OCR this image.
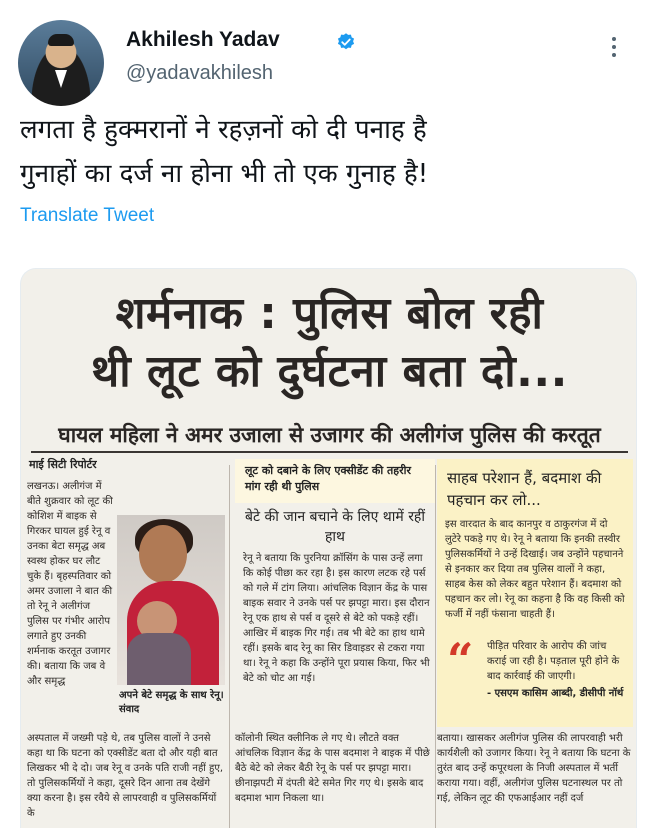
Akhilesh Yadav
@yadavakhilesh
लगता है हुक्मरानों ने रहज़नों को दी पनाह है
गुनाहों का दर्ज ना होना भी तो एक गुनाह है!
Translate Tweet
शर्मनाक : पुलिस बोल रही
थी लूट को दुर्घटना बता दो...
घायल महिला ने अमर उजाला से उजागर की अलीगंज पुलिस की करतूत
माई सिटी रिपोर्टर

लखनऊ। अलीगंज में बीते शुक्रवार को लूट की कोशिश में बाइक से गिरकर घायल हुई रेनू व उनका बेटा समृद्ध अब स्वस्थ होकर घर लौट चुके हैं। बृहस्पतिवार को अमर उजाला ने बात की तो रेनू ने अलीगंज पुलिस पर गंभीर आरोप लगाते हुए उनकी शर्मनाक करतूत उजागर की। बताया कि जब वे और समृद्ध

अपने बेटे समृद्ध के साथ रेनू। संवाद
अस्पताल में जख्मी पड़े थे, तब पुलिस वालों ने उनसे कहा था कि घटना को एक्सीडेंट बता दो और यही बात लिखकर भी दे दो। जब रेनू व उनके पति राजी नहीं हुए, तो पुलिसकर्मियों ने कहा, दूसरे दिन आना तब देखेंगे क्या करना है। इस रवैये से लापरवाही व पुलिसकर्मियों के
लूट को दबाने के लिए एक्सीडेंट की तहरीर मांग रही थी पुलिस
बेटे की जान बचाने के लिए थामें रहीं हाथ
रेनू ने बताया कि पुरनिया क्रॉसिंग के पास उन्हें लगा कि कोई पीछा कर रहा है। इस कारण लटक रहे पर्स को गले में टांग लिया। आंचलिक विज्ञान केंद्र के पास बाइक सवार ने उनके पर्स पर झपट्टा मारा। इस दौरान रेनू एक हाथ से पर्स व दूसरे से बेटे को पकड़े रहीं। आखिर में बाइक गिर गई। तब भी बेटे का हाथ थामे रहीं। इसके बाद रेनू का सिर डिवाइडर से टकरा गया था। रेनू ने कहा कि उन्होंने पूरा प्रयास किया, फिर भी बेटे को चोट आ गई।
कॉलोनी स्थित क्लीनिक ले गए थे। लौटते वक्त आंचलिक विज्ञान केंद्र के पास बदमाश ने बाइक में पीछे बैठे बेटे को लेकर बैठी रेनू के पर्स पर झपट्टा मारा। छीनाझपटी में दंपती बेटे समेत गिर गए थे। इसके बाद बदमाश भाग निकला था।
साहब परेशान हैं, बदमाश की पहचान कर लो...
इस वारदात के बाद कानपुर व ठाकुरगंज में दो लुटेरे पकड़े गए थे। रेनू ने बताया कि इनकी तस्वीर पुलिसकर्मियों ने उन्हें दिखाई। जब उन्होंने पहचानने से इनकार कर दिया तब पुलिस वालों ने कहा, साहब केस को लेकर बहुत परेशान हैं। बदमाश को पहचान कर लो। रेनू का कहना है कि वह किसी को फर्जी में नहीं फंसाना चाहती हैं।
“ पीड़ित परिवार के आरोप की जांच कराई जा रही है। पड़ताल पूरी होने के बाद कार्रवाई की जाएगी।
- एसएम कासिम आब्दी, डीसीपी नॉर्थ
बताया। खासकर अलीगंज पुलिस की लापरवाही भरी कार्यशैली को उजागर किया। रेनू ने बताया कि घटना के तुरंत बाद उन्हें कपूरथला के निजी अस्पताल में भर्ती कराया गया। वहीं, अलीगंज पुलिस घटनास्थल पर तो गई, लेकिन लूट की एफआईआर नहीं दर्ज
